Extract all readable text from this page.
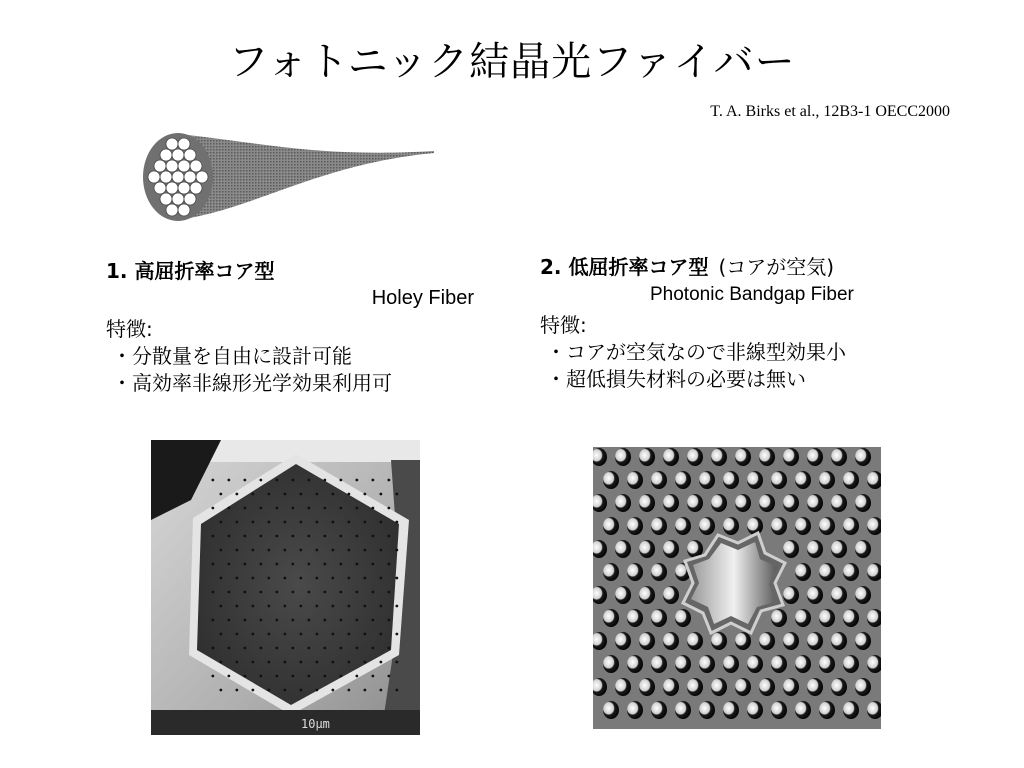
フォトニック結晶光ファイバー
T. A. Birks et al., 12B3-1 OECC2000
1. 高屈折率コア型
Holey Fiber
特徴:
・分散量を自由に設計可能
・高効率非線形光学効果利用可
2. 低屈折率コア型 (コアが空気)
Photonic Bandgap Fiber
特徴:
・コアが空気なので非線型効果小
・超低損失材料の必要は無い
10μm
